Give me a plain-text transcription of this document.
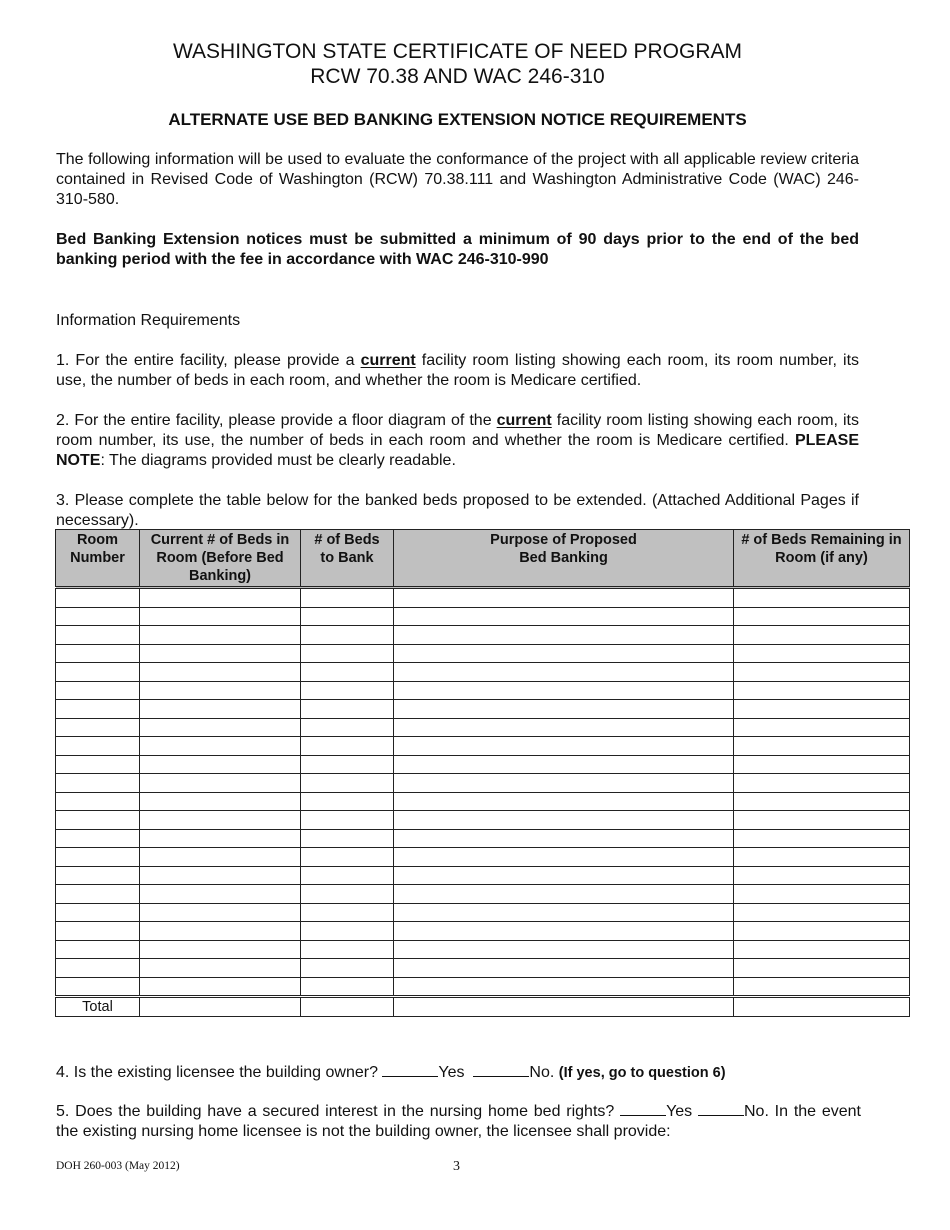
WASHINGTON STATE CERTIFICATE OF NEED PROGRAM

RCW 70.38 AND WAC 246-310

ALTERNATE USE BED BANKING EXTENSION NOTICE REQUIREMENTS

The following information will be used to evaluate the conformance of the project with all applicable review criteria contained in Revised Code of Washington (RCW) 70.38.111 and Washington Administrative Code (WAC) 246-310-580.

Bed Banking Extension notices must be submitted a minimum of 90 days prior to the end of the bed banking period with the fee in accordance with WAC 246-310-990

Information Requirements

1. For the entire facility, please provide a current facility room listing showing each room, its room number, its use, the number of beds in each room, and whether the room is Medicare certified.

2. For the entire facility, please provide a floor diagram of the current facility room listing showing each room, its room number, its use, the number of beds in each room and whether the room is Medicare certified. PLEASE NOTE: The diagrams provided must be clearly readable.

3. Please complete the table below for the banked beds proposed to be extended. (Attached Additional Pages if necessary).

Room Number	Current # of Beds in Room (Before Bed Banking)	# of Beds to Bank	Purpose of Proposed Bed Banking	# of Beds Remaining in Room (if any)

Total				

4. Is the existing licensee the building owner?	Yes	No. (If yes, go to question 6)

5. Does the building have a secured interest in the nursing home bed rights?	Yes	No. In the event the existing nursing home licensee is not the building owner, the licensee shall provide:

DOH 260-003 (May 2012)	3
